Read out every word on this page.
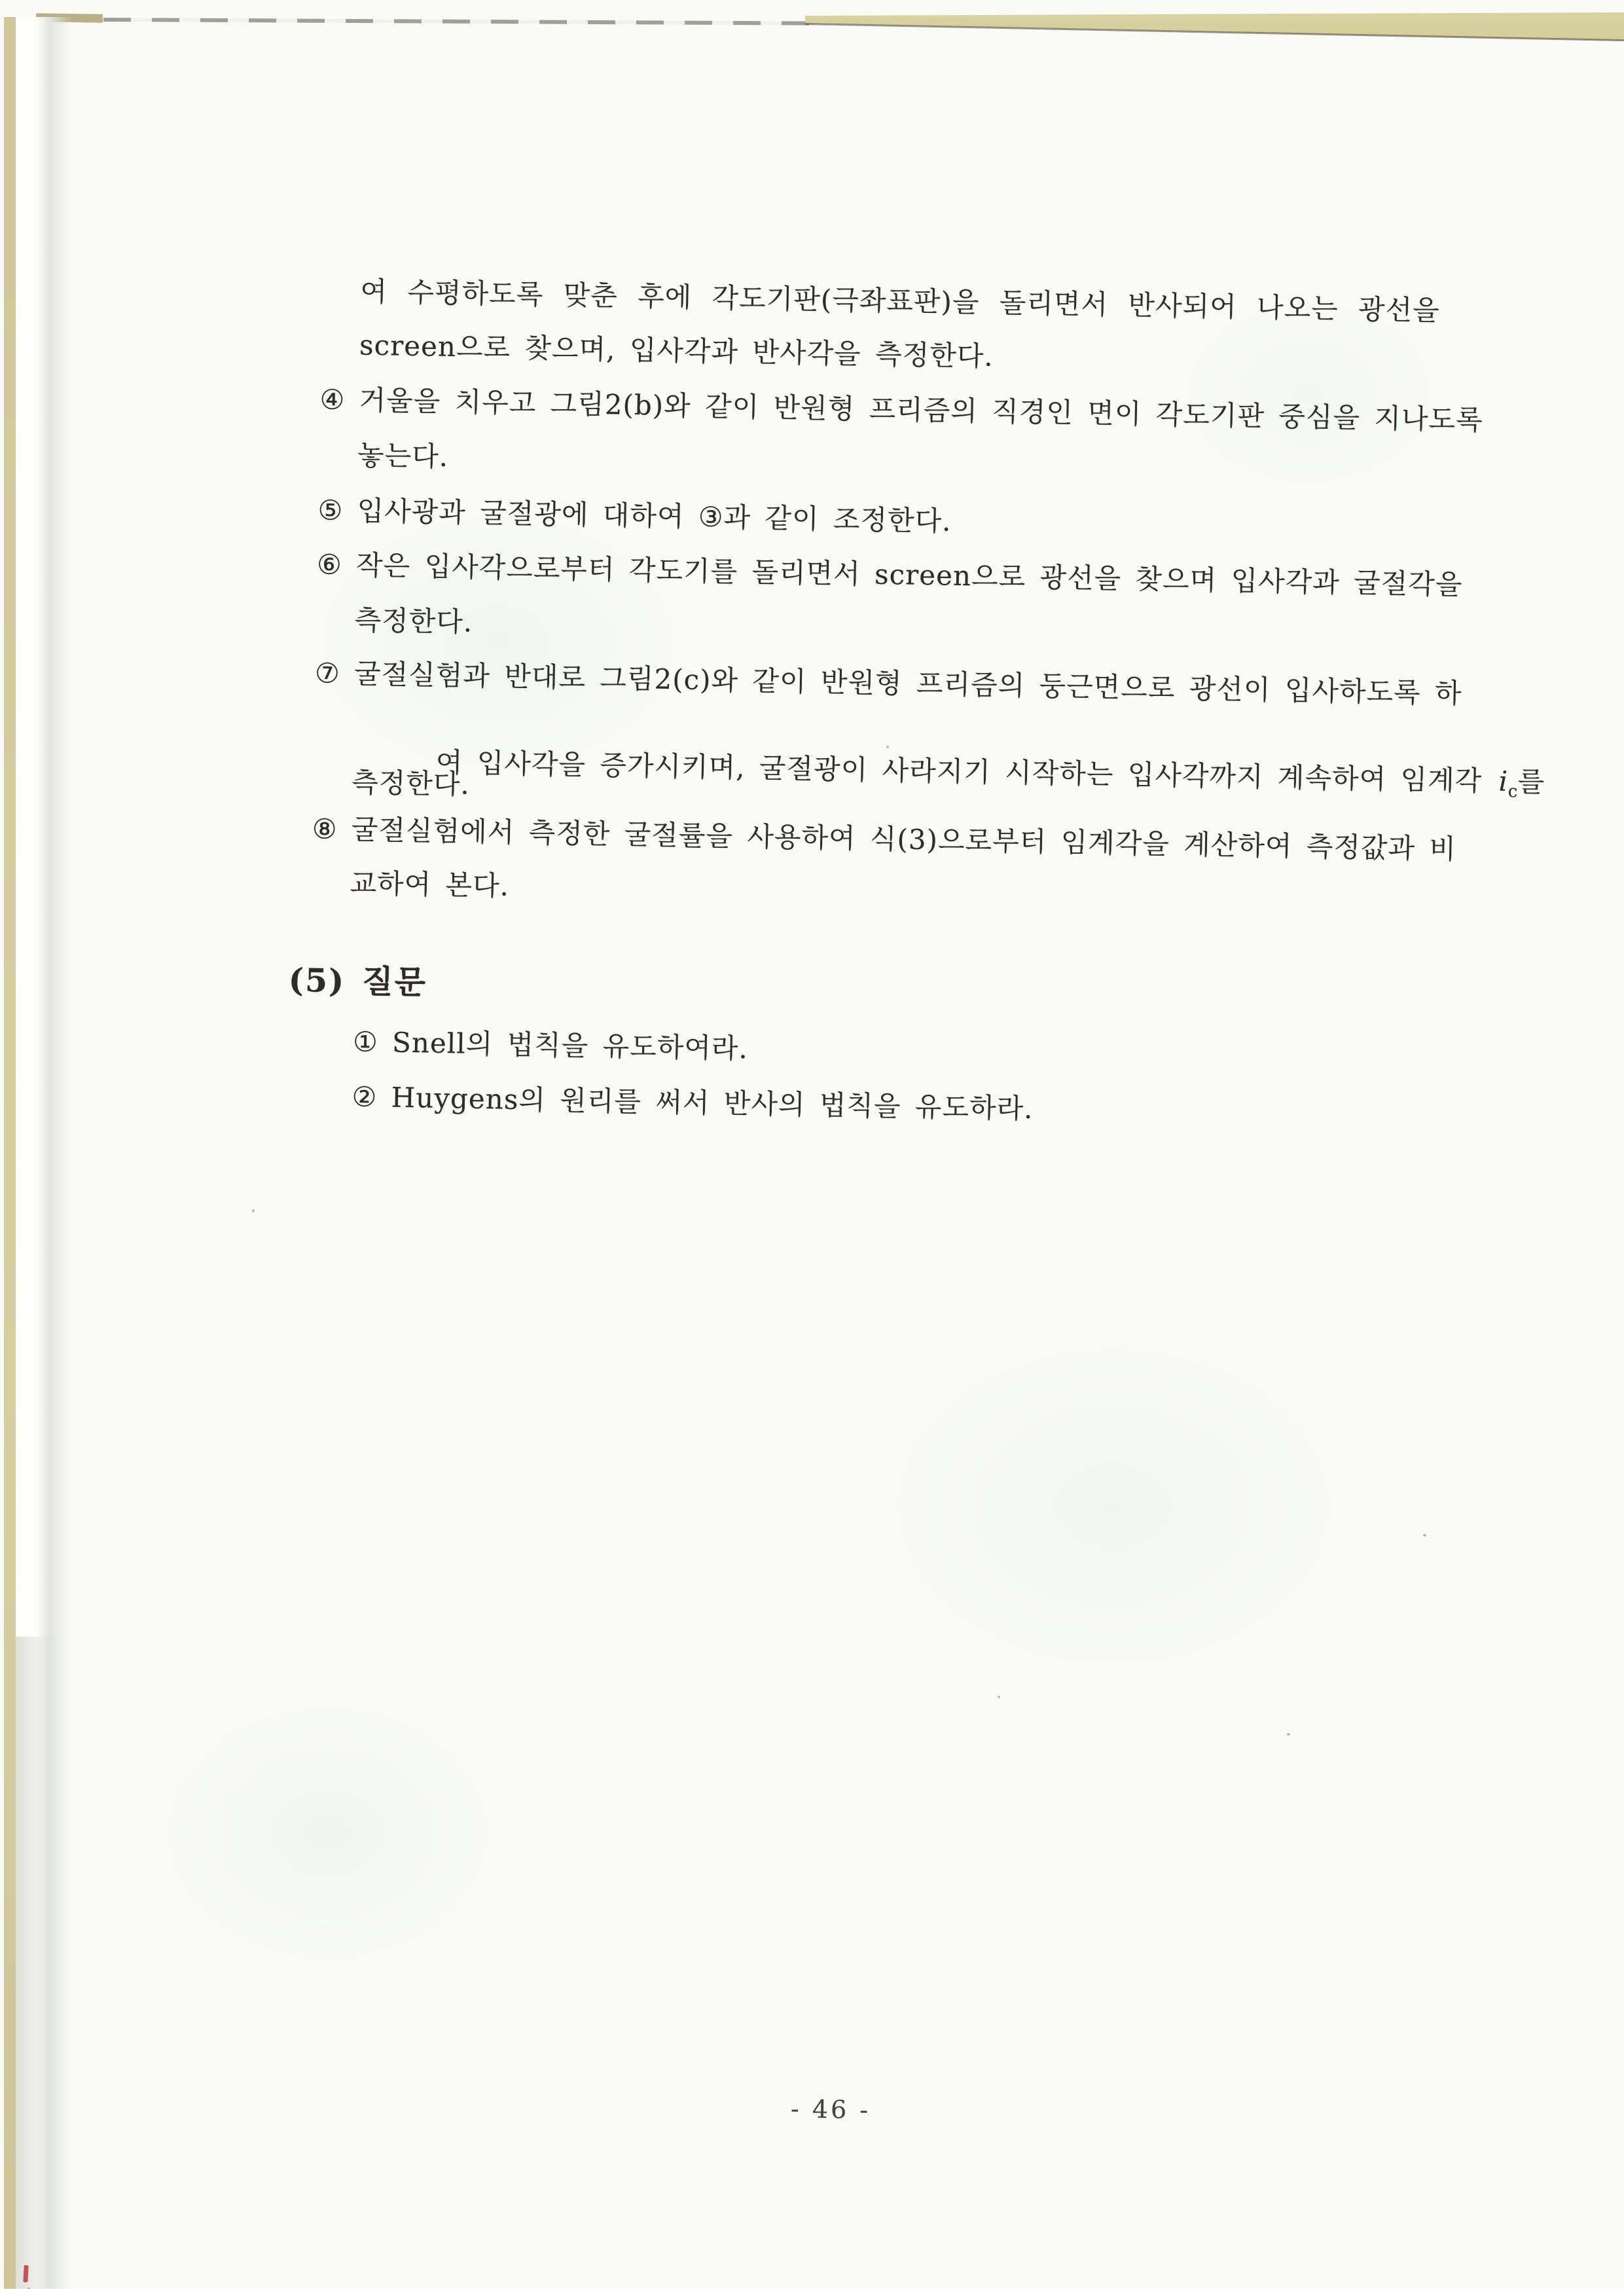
여 수평하도록 맞춘 후에 각도기판(극좌표판)을 돌리면서 반사되어 나오는 광선을
screen으로 찾으며, 입사각과 반사각을 측정한다.
④ 거울을 치우고 그림2(b)와 같이 반원형 프리즘의 직경인 면이 각도기판 중심을 지나도록
놓는다.
⑤ 입사광과 굴절광에 대하여 ③과 같이 조정한다.
⑥ 작은 입사각으로부터 각도기를 돌리면서 screen으로 광선을 찾으며 입사각과 굴절각을
측정한다.
⑦ 굴절실험과 반대로 그림2(c)와 같이 반원형 프리즘의 둥근면으로 광선이 입사하도록 하

여 입사각을 증가시키며, 굴절광이 사라지기 시작하는 입사각까지 계속하여 임계각 $i_c$를

측정한다.
⑧ 굴절실험에서 측정한 굴절률을 사용하여 식(3)으로부터 임계각을 계산하여 측정값과 비
교하여 본다.
(5) 질문
① Snell의 법칙을 유도하여라.
② Huygens의 원리를 써서 반사의 법칙을 유도하라.
- 46 -
